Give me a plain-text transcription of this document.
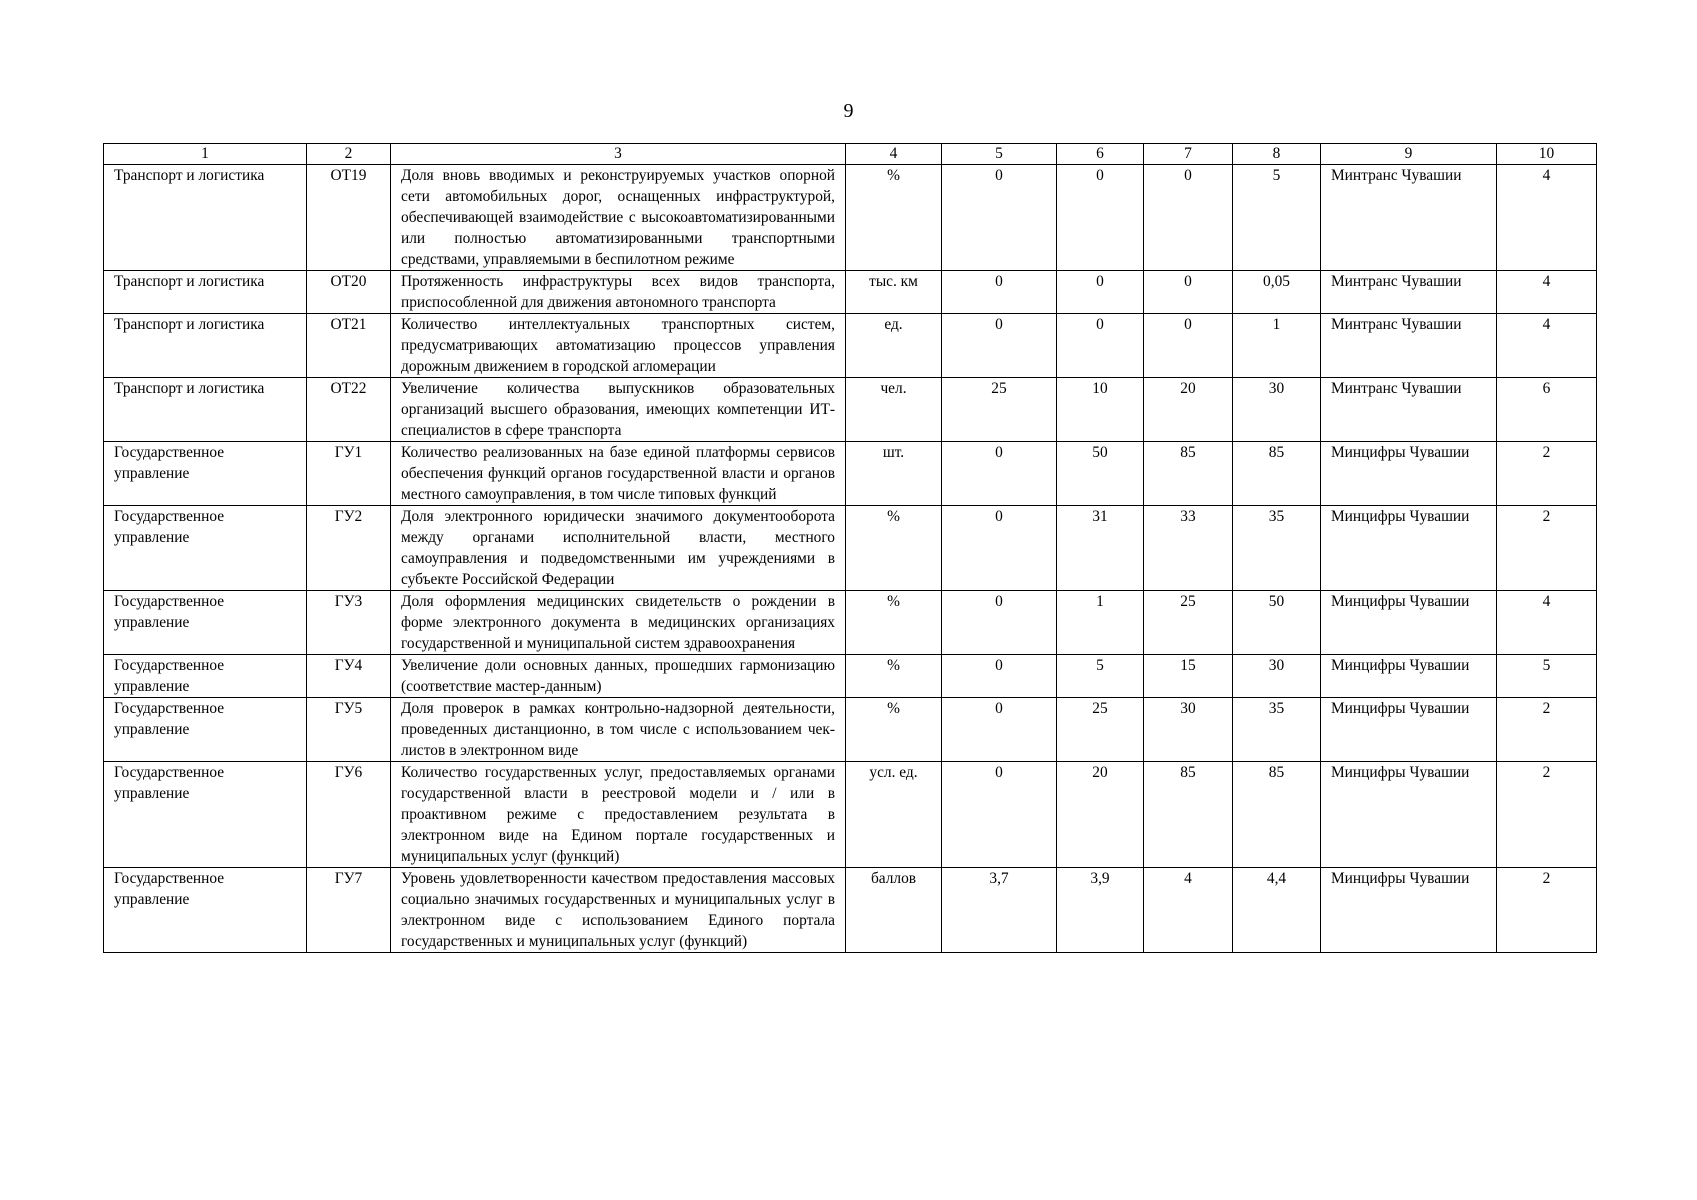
9
1	2	3	4	5	6	7	8	9	10
Транспорт и логистика	ОТ19	Доля вновь вводимых и реконструируемых участков опорной сети автомобильных дорог, оснащенных инфраструктурой, обеспечивающей взаимодействие с высокоавтоматизированными или полностью автоматизированными транспортными средствами, управляемыми в беспилотном режиме	%	0	0	0	5	Минтранс Чувашии	4
Транспорт и логистика	ОТ20	Протяженность инфраструктуры всех видов транспорта, приспособленной для движения автономного транспорта	тыс. км	0	0	0	0,05	Минтранс Чувашии	4
Транспорт и логистика	ОТ21	Количество интеллектуальных транспортных систем, предусматривающих автоматизацию процессов управления дорожным движением в городской агломерации	ед.	0	0	0	1	Минтранс Чувашии	4
Транспорт и логистика	ОТ22	Увеличение количества выпускников образовательных организаций высшего образования, имеющих компетенции ИТ-специалистов в сфере транспорта	чел.	25	10	20	30	Минтранс Чувашии	6
Государственное управление	ГУ1	Количество реализованных на базе единой платформы сервисов обеспечения функций органов государственной власти и органов местного самоуправления, в том числе типовых функций	шт.	0	50	85	85	Минцифры Чувашии	2
Государственное управление	ГУ2	Доля электронного юридически значимого документооборота между органами исполнительной власти, местного самоуправления и подведомственными им учреждениями в субъекте Российской Федерации	%	0	31	33	35	Минцифры Чувашии	2
Государственное управление	ГУ3	Доля оформления медицинских свидетельств о рождении в форме электронного документа в медицинских организациях государственной и муниципальной систем здравоохранения	%	0	1	25	50	Минцифры Чувашии	4
Государственное управление	ГУ4	Увеличение доли основных данных, прошедших гармонизацию (соответствие мастер-данным)	%	0	5	15	30	Минцифры Чувашии	5
Государственное управление	ГУ5	Доля проверок в рамках контрольно-надзорной деятельности, проведенных дистанционно, в том числе с использованием чек-листов в электронном виде	%	0	25	30	35	Минцифры Чувашии	2
Государственное управление	ГУ6	Количество государственных услуг, предоставляемых органами государственной власти в реестровой модели и / или в проактивном режиме с предоставлением результата в электронном виде на Едином портале государственных и муниципальных услуг (функций)	усл. ед.	0	20	85	85	Минцифры Чувашии	2
Государственное управление	ГУ7	Уровень удовлетворенности качеством предоставления массовых социально значимых государственных и муниципальных услуг в электронном виде с использованием Единого портала государственных и муниципальных услуг (функций)	баллов	3,7	3,9	4	4,4	Минцифры Чувашии	2
